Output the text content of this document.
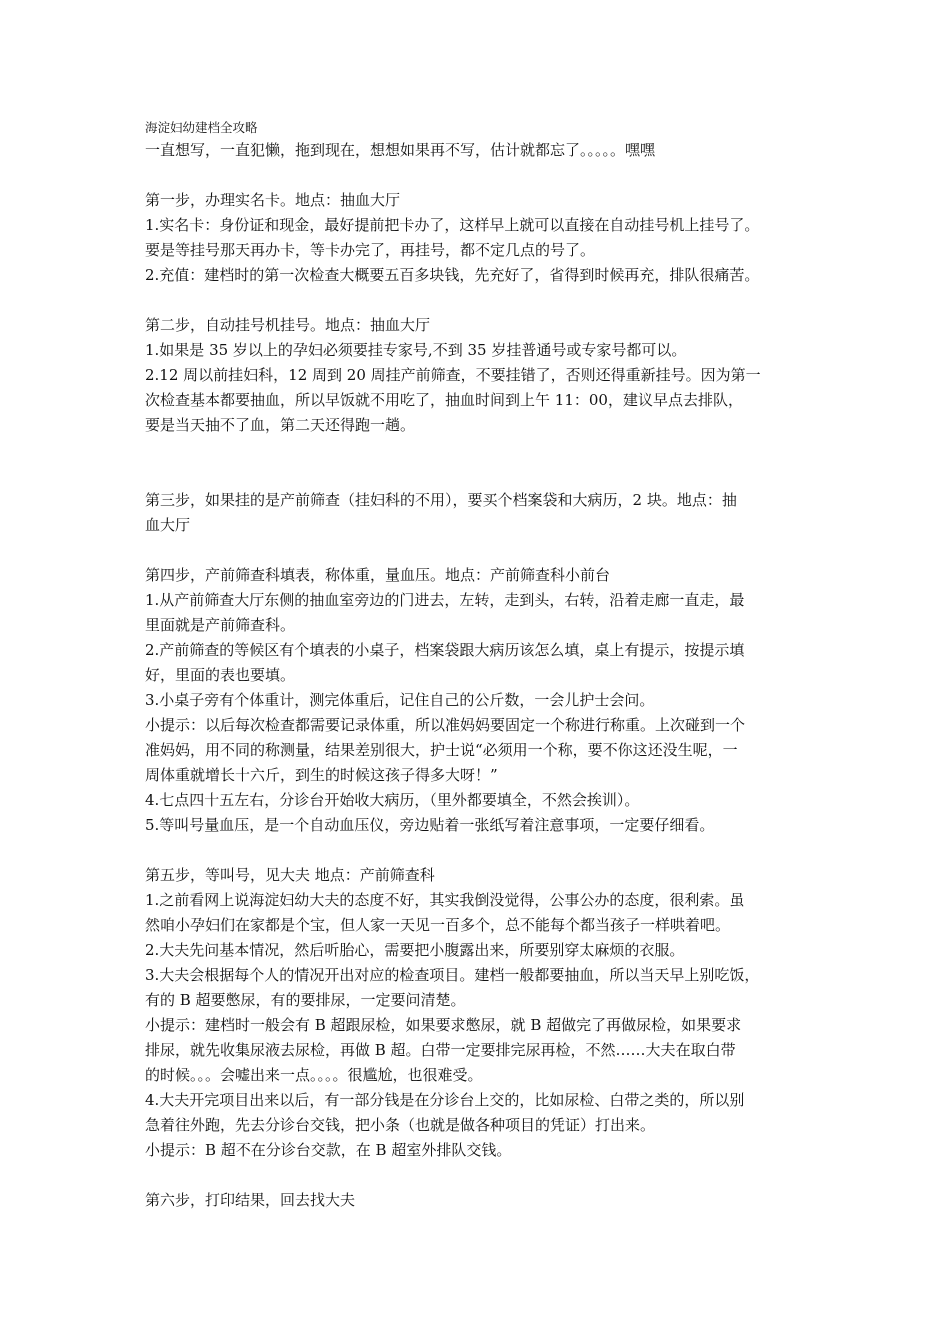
海淀妇幼建档全攻略

一直想写，一直犯懒，拖到现在，想想如果再不写，估计就都忘了。。。。。嘿嘿

第一步，办理实名卡。地点：抽血大厅

1.实名卡：身份证和现金，最好提前把卡办了，这样早上就可以直接在自动挂号机上挂号了。

要是等挂号那天再办卡，等卡办完了，再挂号，都不定几点的号了。

2.充值：建档时的第一次检查大概要五百多块钱，先充好了，省得到时候再充，排队很痛苦。

第二步，自动挂号机挂号。地点：抽血大厅

1.如果是 35 岁以上的孕妇必须要挂专家号,不到 35 岁挂普通号或专家号都可以。

2.12 周以前挂妇科，12 周到 20 周挂产前筛查，不要挂错了，否则还得重新挂号。因为第一

次检查基本都要抽血，所以早饭就不用吃了，抽血时间到上午 11：00，建议早点去排队，

要是当天抽不了血，第二天还得跑一趟。

第三步，如果挂的是产前筛查（挂妇科的不用），要买个档案袋和大病历，2 块。地点：抽

血大厅

第四步，产前筛查科填表，称体重，量血压。地点：产前筛查科小前台

1.从产前筛查大厅东侧的抽血室旁边的门进去，左转，走到头，右转，沿着走廊一直走，最

里面就是产前筛查科。

2.产前筛查的等候区有个填表的小桌子，档案袋跟大病历该怎么填，桌上有提示，按提示填

好，里面的表也要填。

3.小桌子旁有个体重计，测完体重后，记住自己的公斤数，一会儿护士会问。

小提示：以后每次检查都需要记录体重，所以准妈妈要固定一个称进行称重。上次碰到一个

准妈妈，用不同的称测量，结果差别很大，护士说“必须用一个称，要不你这还没生呢，一

周体重就增长十六斤，到生的时候这孩子得多大呀！”

4.七点四十五左右，分诊台开始收大病历，（里外都要填全，不然会挨训）。

5.等叫号量血压，是一个自动血压仪，旁边贴着一张纸写着注意事项，一定要仔细看。

第五步，等叫号，见大夫 地点：产前筛查科

1.之前看网上说海淀妇幼大夫的态度不好，其实我倒没觉得，公事公办的态度，很利索。虽

然咱小孕妇们在家都是个宝，但人家一天见一百多个，总不能每个都当孩子一样哄着吧。

2.大夫先问基本情况，然后听胎心，需要把小腹露出来，所要别穿太麻烦的衣服。

3.大夫会根据每个人的情况开出对应的检查项目。建档一般都要抽血，所以当天早上别吃饭，

有的 B 超要憋尿，有的要排尿，一定要问清楚。

小提示：建档时一般会有 B 超跟尿检，如果要求憋尿，就 B 超做完了再做尿检，如果要求

排尿，就先收集尿液去尿检，再做 B 超。白带一定要排完尿再检，不然……大夫在取白带

的时候。。。会嘘出来一点。。。。很尴尬，也很难受。

4.大夫开完项目出来以后，有一部分钱是在分诊台上交的，比如尿检、白带之类的，所以别

急着往外跑，先去分诊台交钱，把小条（也就是做各种项目的凭证）打出来。

小提示：B 超不在分诊台交款，在 B 超室外排队交钱。

第六步，打印结果，回去找大夫
